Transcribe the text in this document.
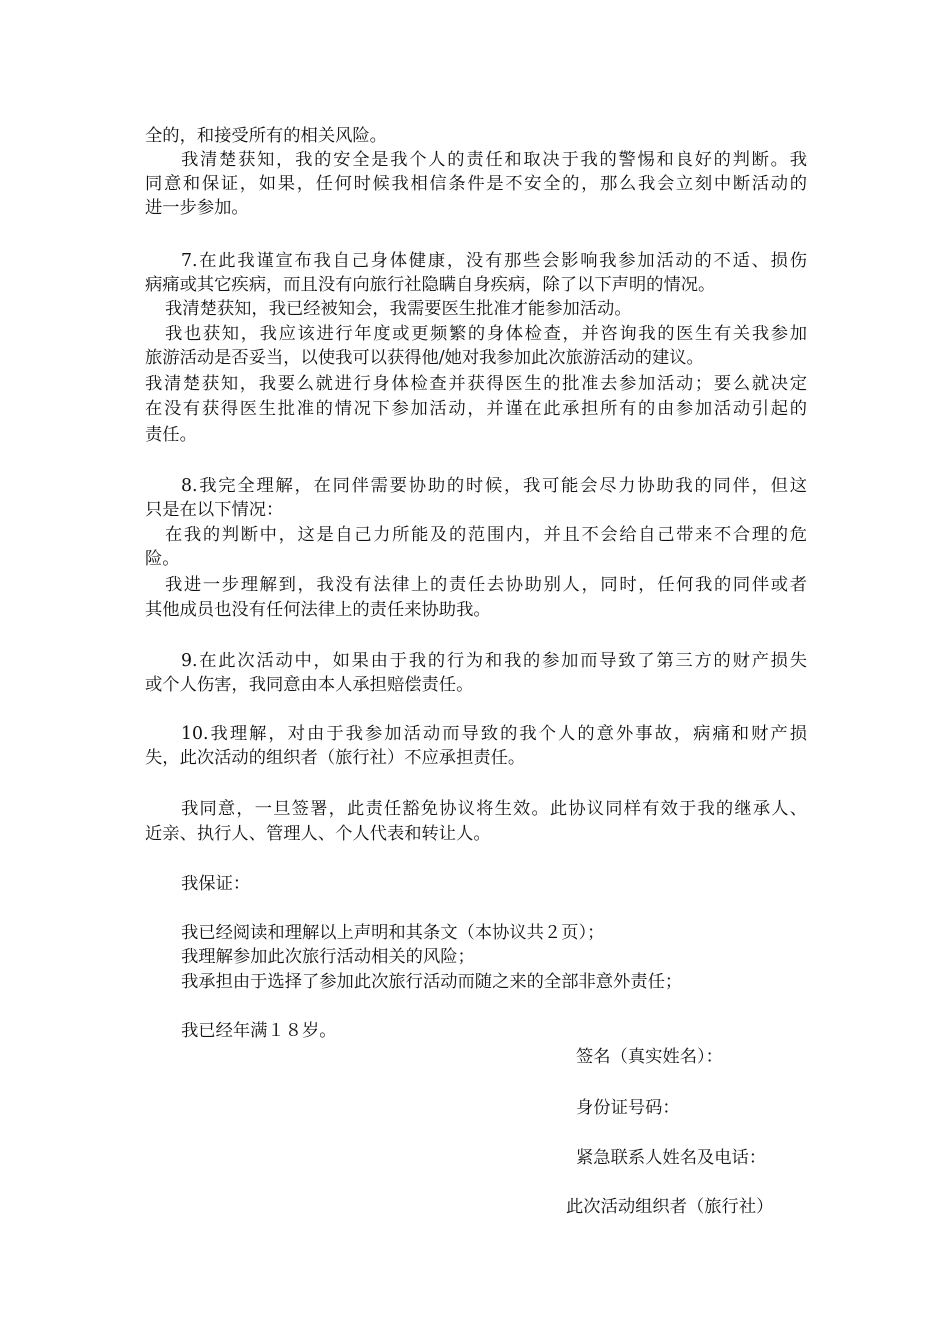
全的，和接受所有的相关风险。

我清楚获知，我的安全是我个人的责任和取决于我的警惕和良好的判断。我

同意和保证，如果，任何时候我相信条件是不安全的，那么我会立刻中断活动的

进一步参加。

7.在此我谨宣布我自己身体健康，没有那些会影响我参加活动的不适、损伤

病痛或其它疾病，而且没有向旅行社隐瞒自身疾病，除了以下声明的情况。

我清楚获知，我已经被知会，我需要医生批准才能参加活动。

我也获知，我应该进行年度或更频繁的身体检查，并咨询我的医生有关我参加

旅游活动是否妥当，以使我可以获得他/她对我参加此次旅游活动的建议。

我清楚获知，我要么就进行身体检查并获得医生的批准去参加活动；要么就决定

在没有获得医生批准的情况下参加活动，并谨在此承担所有的由参加活动引起的

责任。

8.我完全理解，在同伴需要协助的时候，我可能会尽力协助我的同伴，但这

只是在以下情况：

在我的判断中，这是自己力所能及的范围内，并且不会给自己带来不合理的危

险。

我进一步理解到，我没有法律上的责任去协助别人，同时，任何我的同伴或者

其他成员也没有任何法律上的责任来协助我。

9.在此次活动中，如果由于我的行为和我的参加而导致了第三方的财产损失

或个人伤害，我同意由本人承担赔偿责任。

10.我理解，对由于我参加活动而导致的我个人的意外事故，病痛和财产损

失，此次活动的组织者（旅行社）不应承担责任。

我同意，一旦签署，此责任豁免协议将生效。此协议同样有效于我的继承人、

近亲、执行人、管理人、个人代表和转让人。

我保证：

我已经阅读和理解以上声明和其条文（本协议共２页）；

我理解参加此次旅行活动相关的风险；

我承担由于选择了参加此次旅行活动而随之来的全部非意外责任；

我已经年满１８岁。

签名（真实姓名）：

身份证号码：

紧急联系人姓名及电话：

此次活动组织者（旅行社）
